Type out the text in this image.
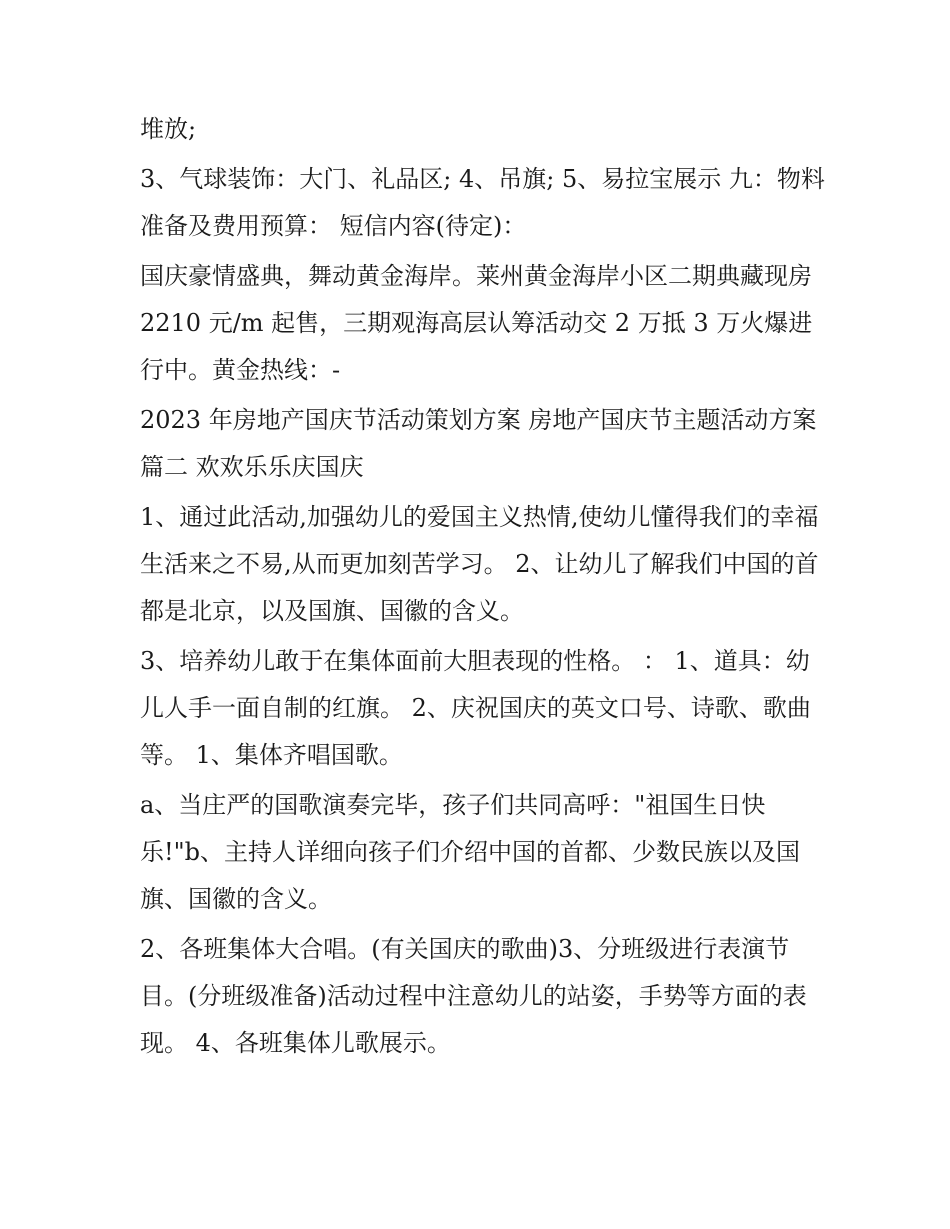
堆放;

3、气球装饰：大门、礼品区; 4、吊旗; 5、易拉宝展示 九：物料准备及费用预算： 短信内容(待定)：

国庆豪情盛典，舞动黄金海岸。莱州黄金海岸小区二期典藏现房 2210 元/m 起售，三期观海高层认筹活动交 2 万抵 3 万火爆进行中。黄金热线：-

2023 年房地产国庆节活动策划方案 房地产国庆节主题活动方案篇二 欢欢乐乐庆国庆

1、通过此活动,加强幼儿的爱国主义热情,使幼儿懂得我们的幸福生活来之不易,从而更加刻苦学习。 2、让幼儿了解我们中国的首都是北京，以及国旗、国徽的含义。

3、培养幼儿敢于在集体面前大胆表现的性格。 ： 1、道具：幼儿人手一面自制的红旗。 2、庆祝国庆的英文口号、诗歌、歌曲等。 1、集体齐唱国歌。

a、当庄严的国歌演奏完毕，孩子们共同高呼："祖国生日快乐!"b、主持人详细向孩子们介绍中国的首都、少数民族以及国旗、国徽的含义。

2、各班集体大合唱。(有关国庆的歌曲)3、分班级进行表演节目。(分班级准备)活动过程中注意幼儿的站姿，手势等方面的表现。 4、各班集体儿歌展示。
